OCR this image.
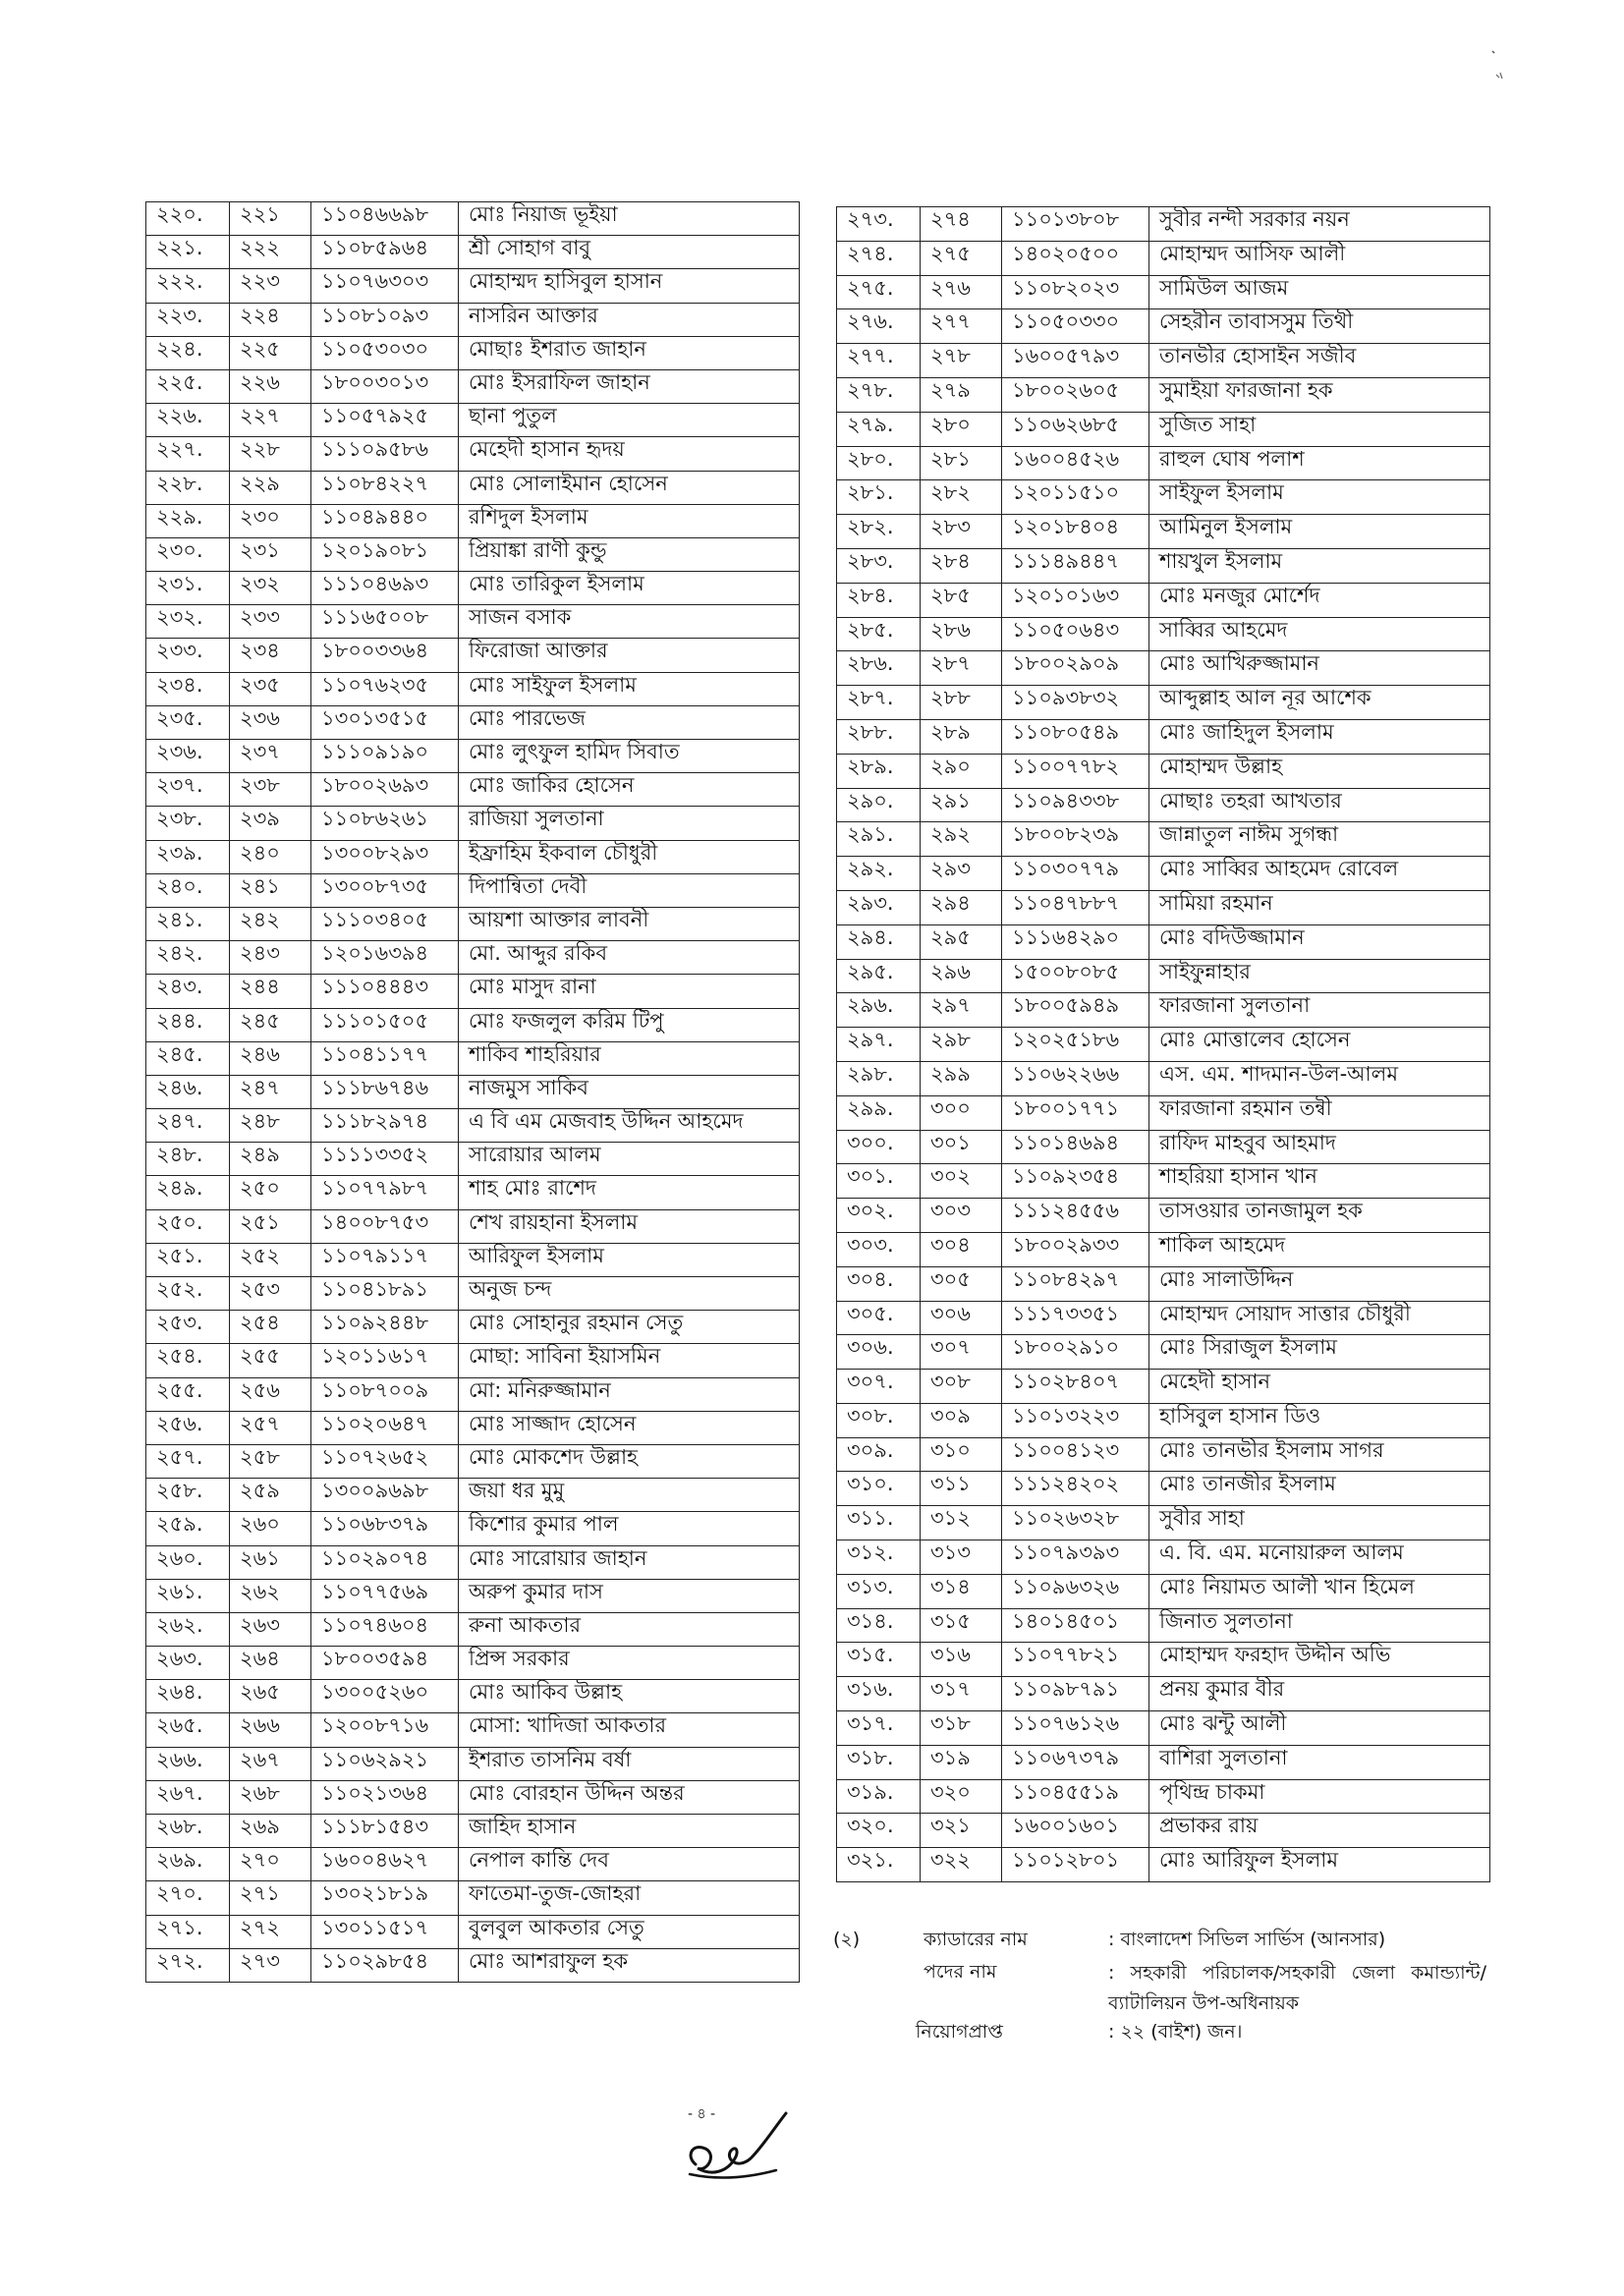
২২০.	২২১	১১০৪৬৬৯৮	মোঃ নিয়াজ ভূইয়া
২২১.	২২২	১১০৮৫৯৬৪	শ্রী সোহাগ বাবু
২২২.	২২৩	১১০৭৬৩০৩	মোহাম্মদ হাসিবুল হাসান
২২৩.	২২৪	১১০৮১০৯৩	নাসরিন আক্তার
২২৪.	২২৫	১১০৫৩০৩০	মোছাঃ ইশরাত জাহান
২২৫.	২২৬	১৮০০৩০১৩	মোঃ ইসরাফিল জাহান
২২৬.	২২৭	১১০৫৭৯২৫	ছানা পুতুল
২২৭.	২২৮	১১১০৯৫৮৬	মেহেদী হাসান হৃদয়
২২৮.	২২৯	১১০৮৪২২৭	মোঃ সোলাইমান হোসেন
২২৯.	২৩০	১১০৪৯৪৪০	রশিদুল ইসলাম
২৩০.	২৩১	১২০১৯০৮১	প্রিয়াঙ্কা রাণী কুন্ডু
২৩১.	২৩২	১১১০৪৬৯৩	মোঃ তারিকুল ইসলাম
২৩২.	২৩৩	১১১৬৫০০৮	সাজন বসাক
২৩৩.	২৩৪	১৮০০৩৩৬৪	ফিরোজা আক্তার
২৩৪.	২৩৫	১১০৭৬২৩৫	মোঃ সাইফুল ইসলাম
২৩৫.	২৩৬	১৩০১৩৫১৫	মোঃ পারভেজ
২৩৬.	২৩৭	১১১০৯১৯০	মোঃ লুৎফুল হামিদ সিবাত
২৩৭.	২৩৮	১৮০০২৬৯৩	মোঃ জাকির হোসেন
২৩৮.	২৩৯	১১০৮৬২৬১	রাজিয়া সুলতানা
২৩৯.	২৪০	১৩০০৮২৯৩	ইফ্রাহিম ইকবাল চৌধুরী
২৪০.	২৪১	১৩০০৮৭৩৫	দিপান্বিতা দেবী
২৪১.	২৪২	১১১০৩৪০৫	আয়শা আক্তার লাবনী
২৪২.	২৪৩	১২০১৬৩৯৪	মো. আব্দুর রকিব
২৪৩.	২৪৪	১১১০৪৪৪৩	মোঃ মাসুদ রানা
২৪৪.	২৪৫	১১১০১৫০৫	মোঃ ফজলুল করিম টিপু
২৪৫.	২৪৬	১১০৪১১৭৭	শাকিব শাহরিয়ার
২৪৬.	২৪৭	১১১৮৬৭৪৬	নাজমুস সাকিব
২৪৭.	২৪৮	১১১৮২৯৭৪	এ বি এম মেজবাহ উদ্দিন আহমেদ
২৪৮.	২৪৯	১১১১৩৩৫২	সারোয়ার আলম
২৪৯.	২৫০	১১০৭৭৯৮৭	শাহ মোঃ রাশেদ
২৫০.	২৫১	১৪০০৮৭৫৩	শেখ রায়হানা ইসলাম
২৫১.	২৫২	১১০৭৯১১৭	আরিফুল ইসলাম
২৫২.	২৫৩	১১০৪১৮৯১	অনুজ চন্দ
২৫৩.	২৫৪	১১০৯২৪৪৮	মোঃ সোহানুর রহমান সেতু
২৫৪.	২৫৫	১২০১১৬১৭	মোছা: সাবিনা ইয়াসমিন
২৫৫.	২৫৬	১১০৮৭০০৯	মো: মনিরুজ্জামান
২৫৬.	২৫৭	১১০২০৬৪৭	মোঃ সাজ্জাদ হোসেন
২৫৭.	২৫৮	১১০৭২৬৫২	মোঃ মোকশেদ উল্লাহ
২৫৮.	২৫৯	১৩০০৯৬৯৮	জয়া ধর মুমু
২৫৯.	২৬০	১১০৬৮৩৭৯	কিশোর কুমার পাল
২৬০.	২৬১	১১০২৯০৭৪	মোঃ সারোয়ার জাহান
২৬১.	২৬২	১১০৭৭৫৬৯	অরুপ কুমার দাস
২৬২.	২৬৩	১১০৭৪৬০৪	রুনা আকতার
২৬৩.	২৬৪	১৮০০৩৫৯৪	প্রিন্স সরকার
২৬৪.	২৬৫	১৩০০৫২৬০	মোঃ আকিব উল্লাহ
২৬৫.	২৬৬	১২০০৮৭১৬	মোসা: খাদিজা আকতার
২৬৬.	২৬৭	১১০৬২৯২১	ইশরাত তাসনিম বর্ষা
২৬৭.	২৬৮	১১০২১৩৬৪	মোঃ বোরহান উদ্দিন অন্তর
২৬৮.	২৬৯	১১১৮১৫৪৩	জাহিদ হাসান
২৬৯.	২৭০	১৬০০৪৬২৭	নেপাল কান্তি দেব
২৭০.	২৭১	১৩০২১৮১৯	ফাতেমা-তুজ-জোহরা
২৭১.	২৭২	১৩০১১৫১৭	বুলবুল আকতার সেতু
২৭২.	২৭৩	১১০২৯৮৫৪	মোঃ আশরাফুল হক
২৭৩.	২৭৪	১১০১৩৮০৮	সুবীর নন্দী সরকার নয়ন
২৭৪.	২৭৫	১৪০২০৫০০	মোহাম্মদ আসিফ আলী
২৭৫.	২৭৬	১১০৮২০২৩	সামিউল আজম
২৭৬.	২৭৭	১১০৫০৩৩০	সেহরীন তাবাসসুম তিথী
২৭৭.	২৭৮	১৬০০৫৭৯৩	তানভীর হোসাইন সজীব
২৭৮.	২৭৯	১৮০০২৬০৫	সুমাইয়া ফারজানা হক
২৭৯.	২৮০	১১০৬২৬৮৫	সুজিত সাহা
২৮০.	২৮১	১৬০০৪৫২৬	রাহুল ঘোষ পলাশ
২৮১.	২৮২	১২০১১৫১০	সাইফুল ইসলাম
২৮২.	২৮৩	১২০১৮৪০৪	আমিনুল ইসলাম
২৮৩.	২৮৪	১১১৪৯৪৪৭	শায়খুল ইসলাম
২৮৪.	২৮৫	১২০১০১৬৩	মোঃ মনজুর মোর্শেদ
২৮৫.	২৮৬	১১০৫০৬৪৩	সাব্বির আহমেদ
২৮৬.	২৮৭	১৮০০২৯০৯	মোঃ আখিরুজ্জামান
২৮৭.	২৮৮	১১০৯৩৮৩২	আব্দুল্লাহ আল নূর আশেক
২৮৮.	২৮৯	১১০৮০৫৪৯	মোঃ জাহিদুল ইসলাম
২৮৯.	২৯০	১১০০৭৭৮২	মোহাম্মদ উল্লাহ
২৯০.	২৯১	১১০৯৪৩৩৮	মোছাঃ তহরা আখতার
২৯১.	২৯২	১৮০০৮২৩৯	জান্নাতুল নাঈম সুগন্ধা
২৯২.	২৯৩	১১০৩০৭৭৯	মোঃ সাব্বির আহমেদ রোবেল
২৯৩.	২৯৪	১১০৪৭৮৮৭	সামিয়া রহমান
২৯৪.	২৯৫	১১১৬৪২৯০	মোঃ বদিউজ্জামান
২৯৫.	২৯৬	১৫০০৮০৮৫	সাইফুন্নাহার
২৯৬.	২৯৭	১৮০০৫৯৪৯	ফারজানা সুলতানা
২৯৭.	২৯৮	১২০২৫১৮৬	মোঃ মোত্তালেব হোসেন
২৯৮.	২৯৯	১১০৬২২৬৬	এস. এম. শাদমান-উল-আলম
২৯৯.	৩০০	১৮০০১৭৭১	ফারজানা রহমান তন্বী
৩০০.	৩০১	১১০১৪৬৯৪	রাফিদ মাহবুব আহমাদ
৩০১.	৩০২	১১০৯২৩৫৪	শাহরিয়া হাসান খান
৩০২.	৩০৩	১১১২৪৫৫৬	তাসওয়ার তানজামুল হক
৩০৩.	৩০৪	১৮০০২৯৩৩	শাকিল আহমেদ
৩০৪.	৩০৫	১১০৮৪২৯৭	মোঃ সালাউদ্দিন
৩০৫.	৩০৬	১১১৭৩৩৫১	মোহাম্মদ সোয়াদ সাত্তার চৌধুরী
৩০৬.	৩০৭	১৮০০২৯১০	মোঃ সিরাজুল ইসলাম
৩০৭.	৩০৮	১১০২৮৪০৭	মেহেদী হাসান
৩০৮.	৩০৯	১১০১৩২২৩	হাসিবুল হাসান ডিও
৩০৯.	৩১০	১১০০৪১২৩	মোঃ তানভীর ইসলাম সাগর
৩১০.	৩১১	১১১২৪২০২	মোঃ তানজীর ইসলাম
৩১১.	৩১২	১১০২৬৩২৮	সুবীর সাহা
৩১২.	৩১৩	১১০৭৯৩৯৩	এ. বি. এম. মনোয়ারুল আলম
৩১৩.	৩১৪	১১০৯৬৩২৬	মোঃ নিয়ামত আলী খান হিমেল
৩১৪.	৩১৫	১৪০১৪৫০১	জিনাত সুলতানা
৩১৫.	৩১৬	১১০৭৭৮২১	মোহাম্মদ ফরহাদ উদ্দীন অভি
৩১৬.	৩১৭	১১০৯৮৭৯১	প্রনয় কুমার বীর
৩১৭.	৩১৮	১১০৭৬১২৬	মোঃ ঝন্টু আলী
৩১৮.	৩১৯	১১০৬৭৩৭৯	বাশিরা সুলতানা
৩১৯.	৩২০	১১০৪৫৫১৯	পৃথিন্দ্র চাকমা
৩২০.	৩২১	১৬০০১৬০১	প্রভাকর রায়
৩২১.	৩২২	১১০১২৮০১	মোঃ আরিফুল ইসলাম
(২)	ক্যাডারের নাম	: বাংলাদেশ সিভিল সার্ভিস (আনসার)
পদের নাম	: সহকারী পরিচালক/সহকারী জেলা কমান্ড্যান্ট/ব্যাটালিয়ন উপ-অধিনায়ক
নিয়োগপ্রাপ্ত	: ২২ (বাইশ) জন।
- ৪ -
